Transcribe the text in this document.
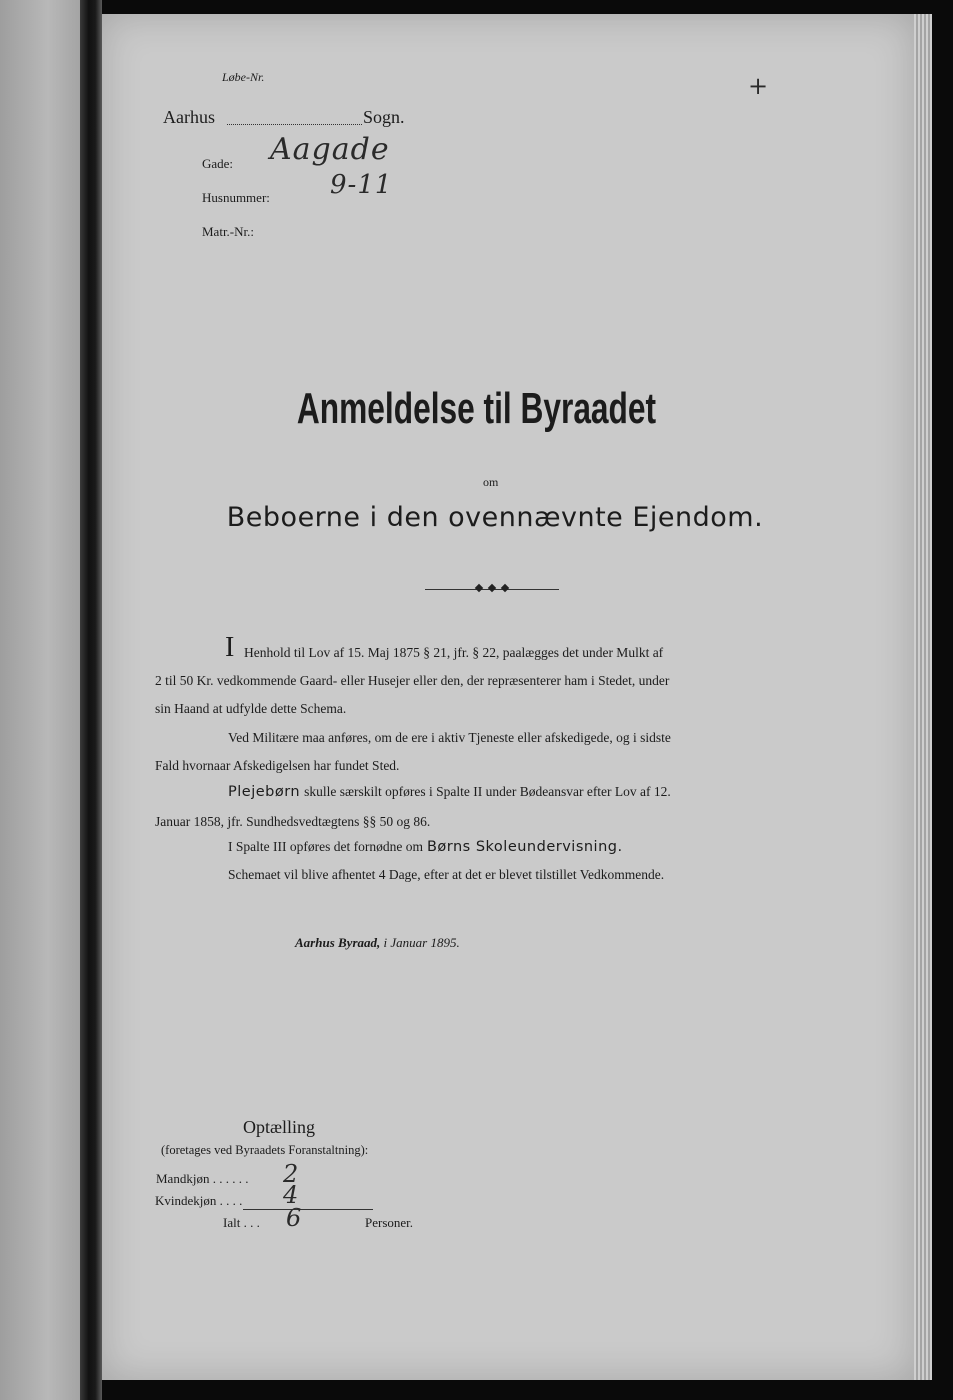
Løbe-Nr.	+
Aarhus	Sogn.
Gade: Aagade
Husnummer: 9-11
Matr.-Nr.:
Anmeldelse til Byraadet
om
Beboerne i den ovennævnte Ejendom.
I Henhold til Lov af 15. Maj 1875 § 21, jfr. § 22, paalægges det under Mulkt af
2 til 50 Kr. vedkommende Gaard- eller Husejer eller den, der repræsenterer ham i Stedet, under
sin Haand at udfylde dette Schema.
Ved Militære maa anføres, om de ere i aktiv Tjeneste eller afskedigede, og i sidste
Fald hvornaar Afskedigelsen har fundet Sted.
Plejebørn skulle særskilt opføres i Spalte II under Bødeansvar efter Lov af 12.
Januar 1858, jfr. Sundhedsvedtægtens §§ 50 og 86.
I Spalte III opføres det fornødne om Børns Skoleundervisning.
Schemaet vil blive afhentet 4 Dage, efter at det er blevet tilstillet Vedkommende.
Aarhus Byraad, i Januar 1895.
Optælling
(foretages ved Byraadets Foranstaltning):
Mandkjøn . . . . . . 2
Kvindekjøn . . . . 4
Ialt . . . 6	Personer.
